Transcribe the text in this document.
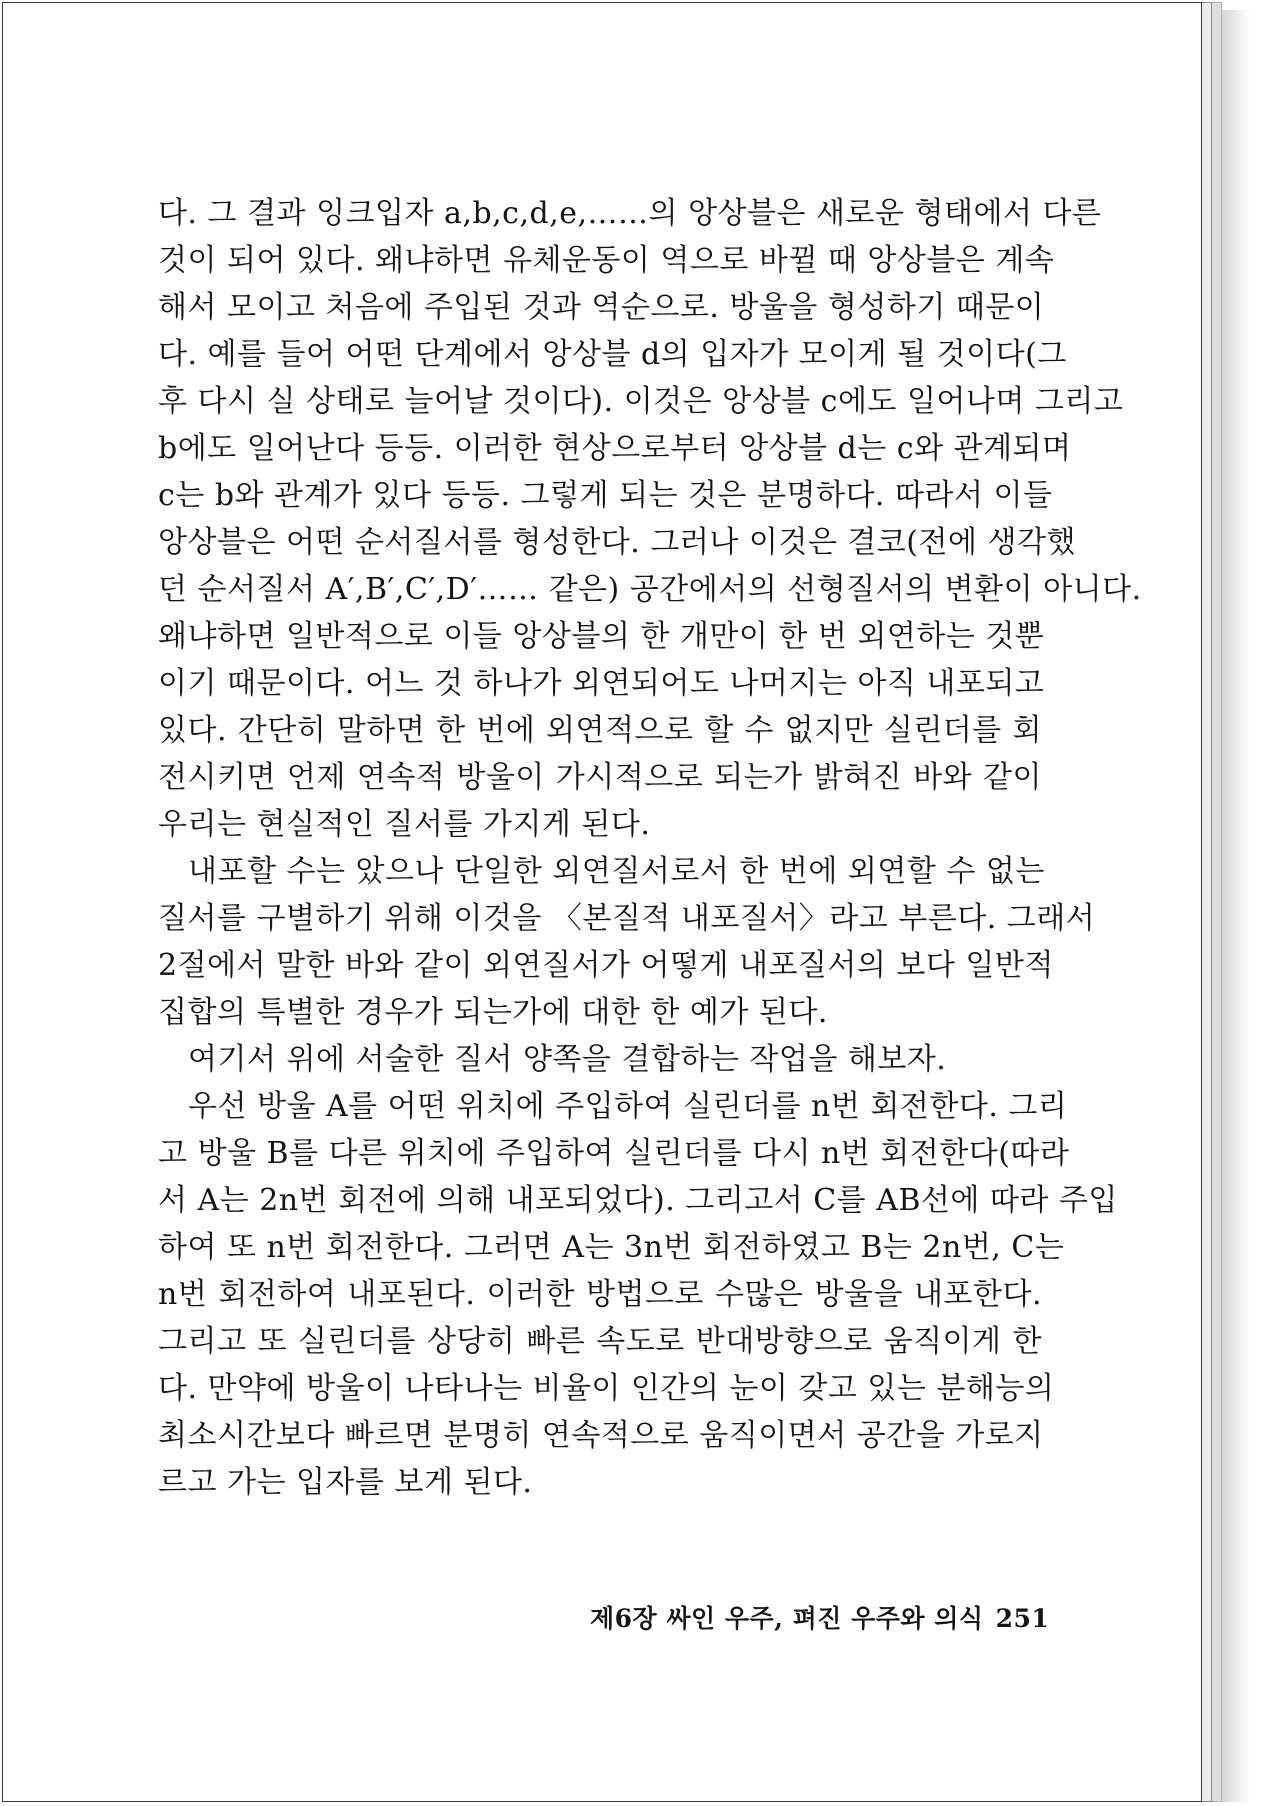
다. 그 결과 잉크입자 a,b,c,d,e,……의 앙상블은 새로운 형태에서 다른
것이 되어 있다. 왜냐하면 유체운동이 역으로 바뀔 때 앙상블은 계속
해서 모이고 처음에 주입된 것과 역순으로. 방울을 형성하기 때문이
다. 예를 들어 어떤 단계에서 앙상블 d의 입자가 모이게 될 것이다(그
후 다시 실 상태로 늘어날 것이다). 이것은 앙상블 c에도 일어나며 그리고
b에도 일어난다 등등. 이러한 현상으로부터 앙상블 d는 c와 관계되며
c는 b와 관계가 있다 등등. 그렇게 되는 것은 분명하다. 따라서 이들
앙상블은 어떤 순서질서를 형성한다. 그러나 이것은 결코(전에 생각했
던 순서질서 A′,B′,C′,D′…… 같은) 공간에서의 선형질서의 변환이 아니다.
왜냐하면 일반적으로 이들 앙상블의 한 개만이 한 번 외연하는 것뿐
이기 때문이다. 어느 것 하나가 외연되어도 나머지는 아직 내포되고
있다. 간단히 말하면 한 번에 외연적으로 할 수 없지만 실린더를 회
전시키면 언제 연속적 방울이 가시적으로 되는가 밝혀진 바와 같이
우리는 현실적인 질서를 가지게 된다.
내포할 수는 았으나 단일한 외연질서로서 한 번에 외연할 수 없는
질서를 구별하기 위해 이것을 〈본질적 내포질서〉라고 부른다. 그래서
2절에서 말한 바와 같이 외연질서가 어떻게 내포질서의 보다 일반적
집합의 특별한 경우가 되는가에 대한 한 예가 된다.
여기서 위에 서술한 질서 양쪽을 결합하는 작업을 해보자.
우선 방울 A를 어떤 위치에 주입하여 실린더를 n번 회전한다. 그리
고 방울 B를 다른 위치에 주입하여 실린더를 다시 n번 회전한다(따라
서 A는 2n번 회전에 의해 내포되었다). 그리고서 C를 AB선에 따라 주입
하여 또 n번 회전한다. 그러면 A는 3n번 회전하였고 B는 2n번, C는
n번 회전하여 내포된다. 이러한 방법으로 수많은 방울을 내포한다.
그리고 또 실린더를 상당히 빠른 속도로 반대방향으로 움직이게 한
다. 만약에 방울이 나타나는 비율이 인간의 눈이 갖고 있는 분해능의
최소시간보다 빠르면 분명히 연속적으로 움직이면서 공간을 가로지
르고 가는 입자를 보게 된다.
제6장 싸인 우주, 펴진 우주와 의식 251
